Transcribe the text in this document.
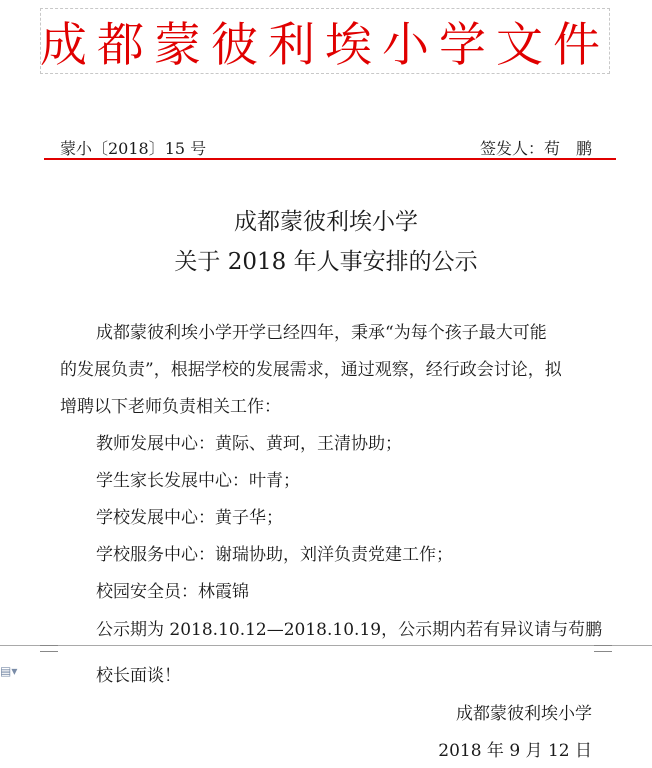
成都蒙彼利埃小学文件
蒙小〔2018〕15 号	签发人：苟　鹏
成都蒙彼利埃小学
关于 2018 年人事安排的公示
成都蒙彼利埃小学开学已经四年，秉承“为每个孩子最大可能
的发展负责”，根据学校的发展需求，通过观察，经行政会讨论，拟
增聘以下老师负责相关工作：
教师发展中心：黄际、黄珂，王清协助；
学生家长发展中心：叶青；
学校发展中心：黄子华；
学校服务中心：谢瑞协助，刘洋负责党建工作；
校园安全员：林霞锦
公示期为 2018.10.12—2018.10.19，公示期内若有异议请与苟鹏
▤▾	校长面谈！
成都蒙彼利埃小学
2018 年 9 月 12 日
